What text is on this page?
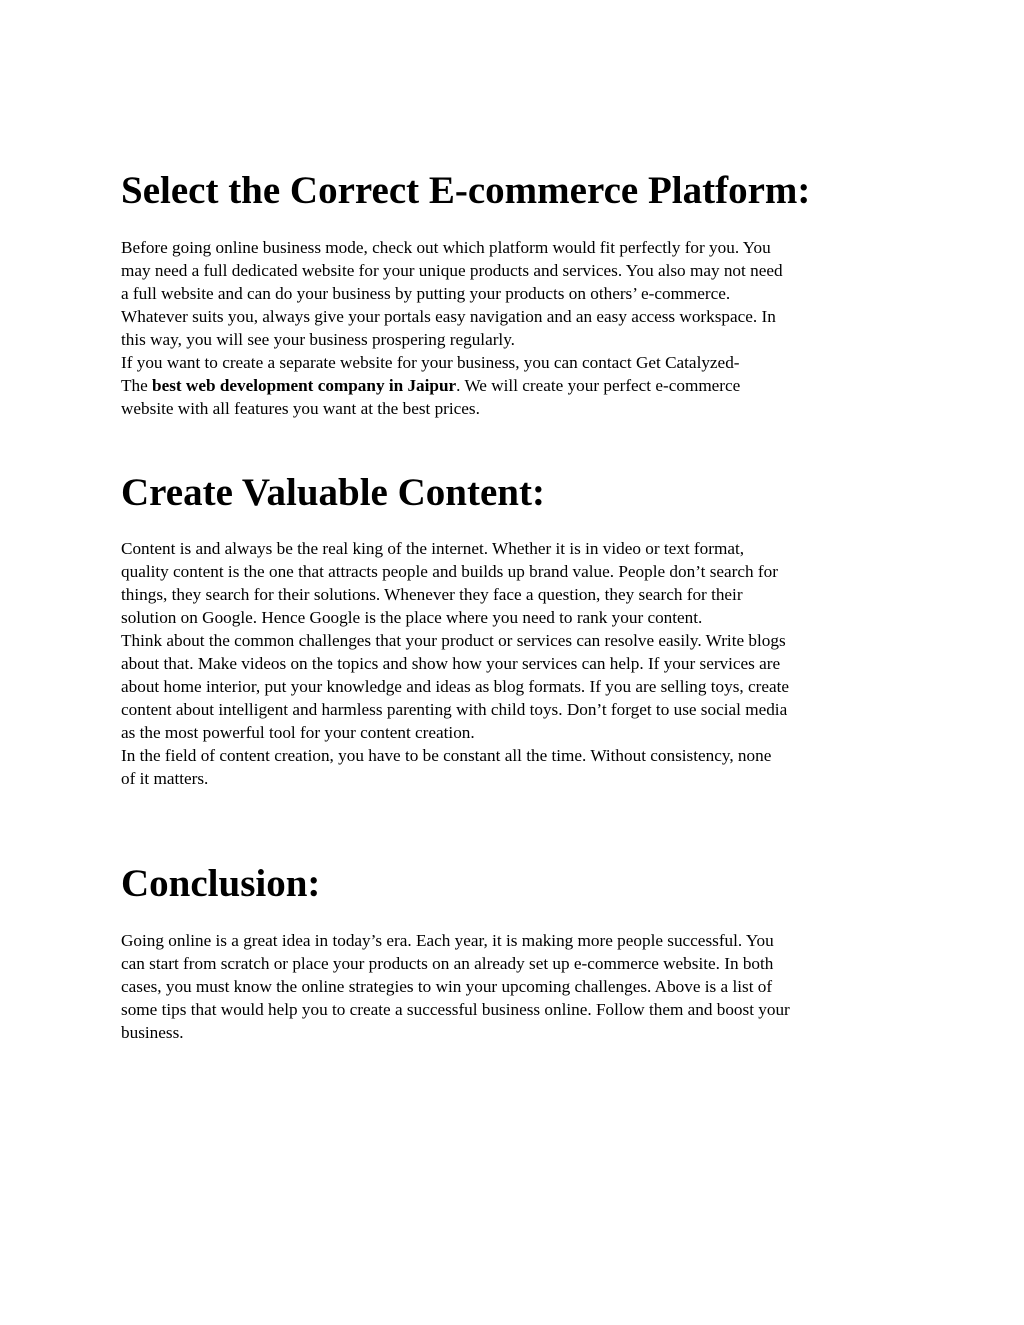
Select the Correct E-commerce Platform:
Before going online business mode, check out which platform would fit perfectly for you. You
may need a full dedicated website for your unique products and services. You also may not need
a full website and can do your business by putting your products on others’ e-commerce.
Whatever suits you, always give your portals easy navigation and an easy access workspace. In
this way, you will see your business prospering regularly.
If you want to create a separate website for your business, you can contact Get Catalyzed-
The best web development company in Jaipur. We will create your perfect e-commerce
website with all features you want at the best prices.
Create Valuable Content:
Content is and always be the real king of the internet. Whether it is in video or text format,
quality content is the one that attracts people and builds up brand value. People don’t search for
things, they search for their solutions. Whenever they face a question, they search for their
solution on Google. Hence Google is the place where you need to rank your content.
Think about the common challenges that your product or services can resolve easily. Write blogs
about that. Make videos on the topics and show how your services can help. If your services are
about home interior, put your knowledge and ideas as blog formats. If you are selling toys, create
content about intelligent and harmless parenting with child toys. Don’t forget to use social media
as the most powerful tool for your content creation.
In the field of content creation, you have to be constant all the time. Without consistency, none
of it matters.
Conclusion:
Going online is a great idea in today’s era. Each year, it is making more people successful. You
can start from scratch or place your products on an already set up e-commerce website. In both
cases, you must know the online strategies to win your upcoming challenges. Above is a list of
some tips that would help you to create a successful business online. Follow them and boost your
business.
